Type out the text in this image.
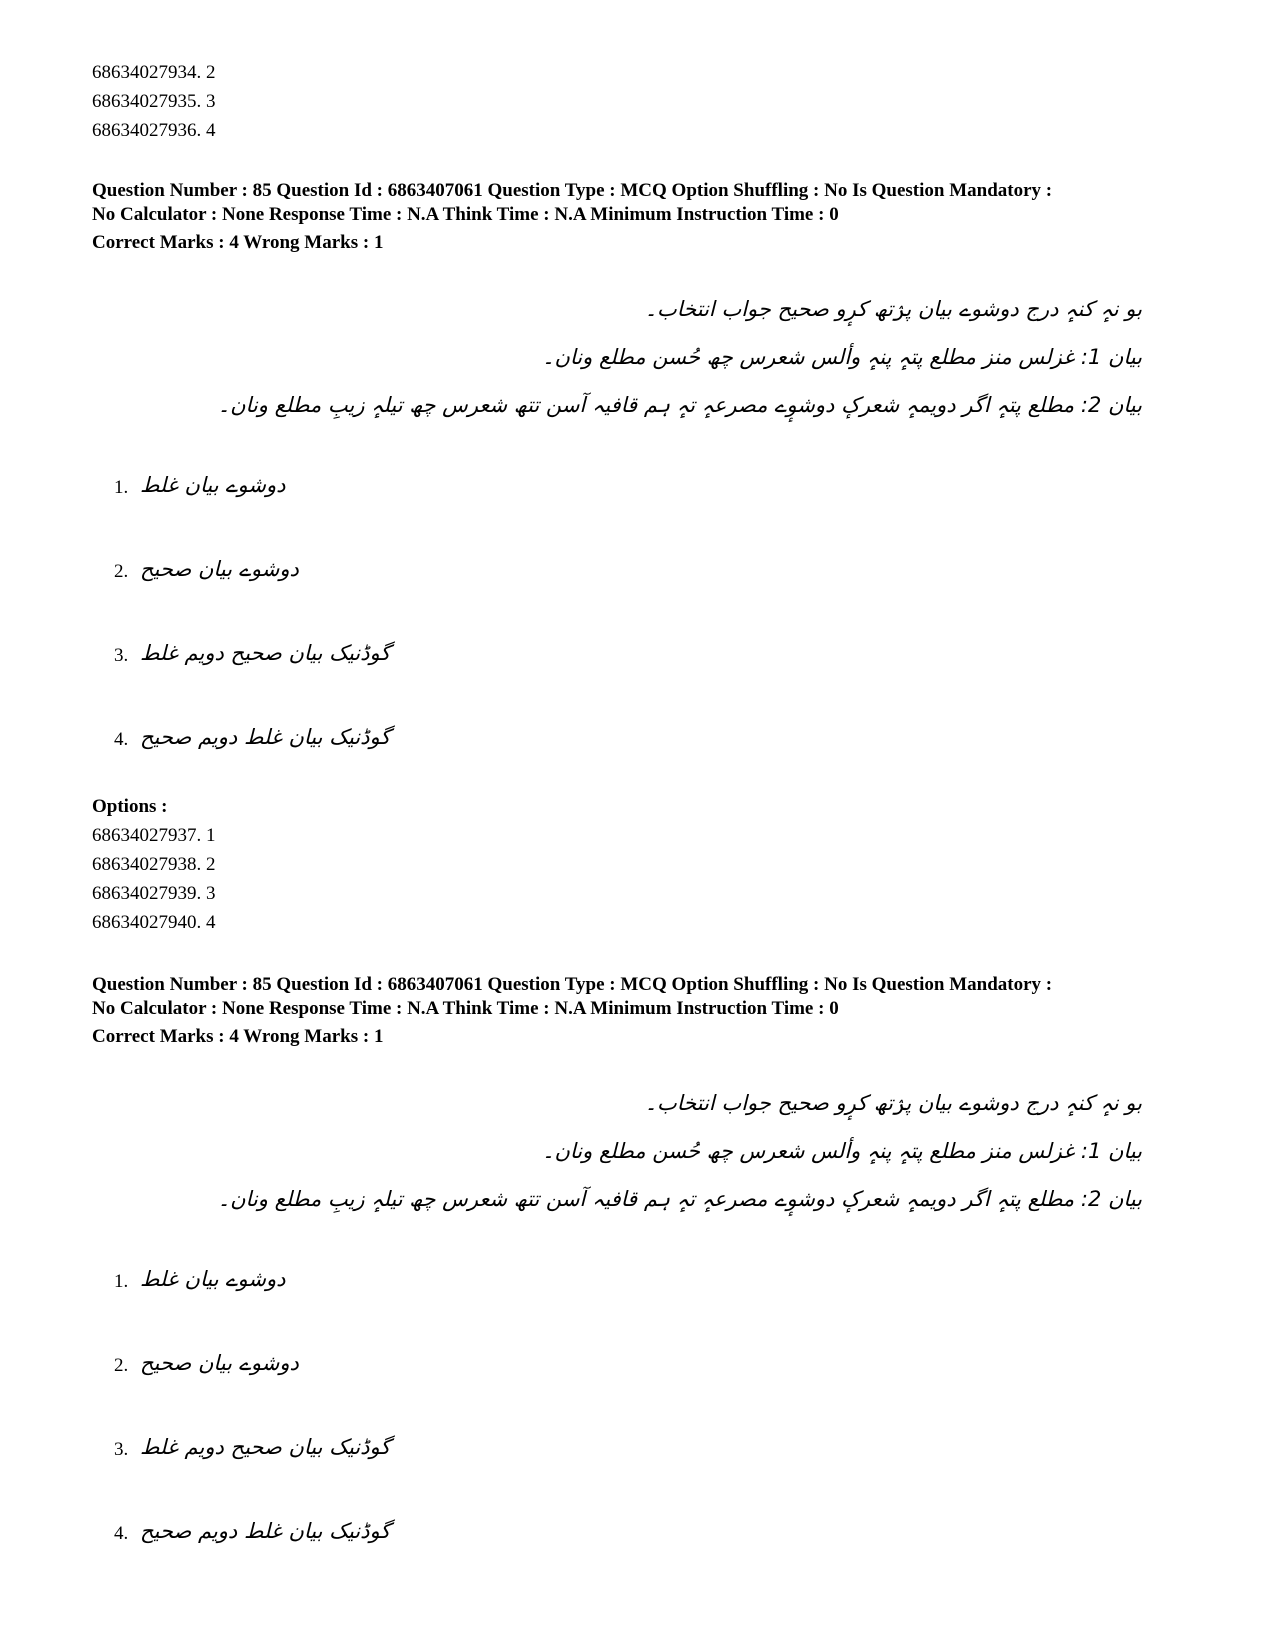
68634027934. 2
68634027935. 3
68634027936. 4
Question Number : 85 Question Id : 6863407061 Question Type : MCQ Option Shuffling : No Is Question Mandatory :
No Calculator : None Response Time : N.A Think Time : N.A Minimum Instruction Time : 0
Correct Marks : 4 Wrong Marks : 1
بو نہٕ کنہٕ درج دوشوے بیان پرٛتھ کرٕو صحیح جواب انتخاب۔
بیان 1: غزلس منز مطلع پتہٕ پنہٕ وألس شعرس چھ حُسن مطلع ونان۔
بیان 2: مطلع پتہٕ اگر دویمہٕ شعرکٕ دوشوٕے مصرعہٕ تہٕ ہم قافیہ آسن تتھ شعرس چھ تیلہٕ زیبِ مطلع ونان۔
1. دوشوے بیان غلط
2. دوشوے بیان صحیح
3. گوڈنیک بیان صحیح دویم غلط
4. گوڈنیک بیان غلط دویم صحیح
Options :
68634027937. 1
68634027938. 2
68634027939. 3
68634027940. 4
Question Number : 85 Question Id : 6863407061 Question Type : MCQ Option Shuffling : No Is Question Mandatory :
No Calculator : None Response Time : N.A Think Time : N.A Minimum Instruction Time : 0
Correct Marks : 4 Wrong Marks : 1
بو نہٕ کنہٕ درج دوشوے بیان پرٛتھ کرٕو صحیح جواب انتخاب۔
بیان 1: غزلس منز مطلع پتہٕ پنہٕ وألس شعرس چھ حُسن مطلع ونان۔
بیان 2: مطلع پتہٕ اگر دویمہٕ شعرکٕ دوشوٕے مصرعہٕ تہٕ ہم قافیہ آسن تتھ شعرس چھ تیلہٕ زیبِ مطلع ونان۔
1. دوشوے بیان غلط
2. دوشوے بیان صحیح
3. گوڈنیک بیان صحیح دویم غلط
4. گوڈنیک بیان غلط دویم صحیح
